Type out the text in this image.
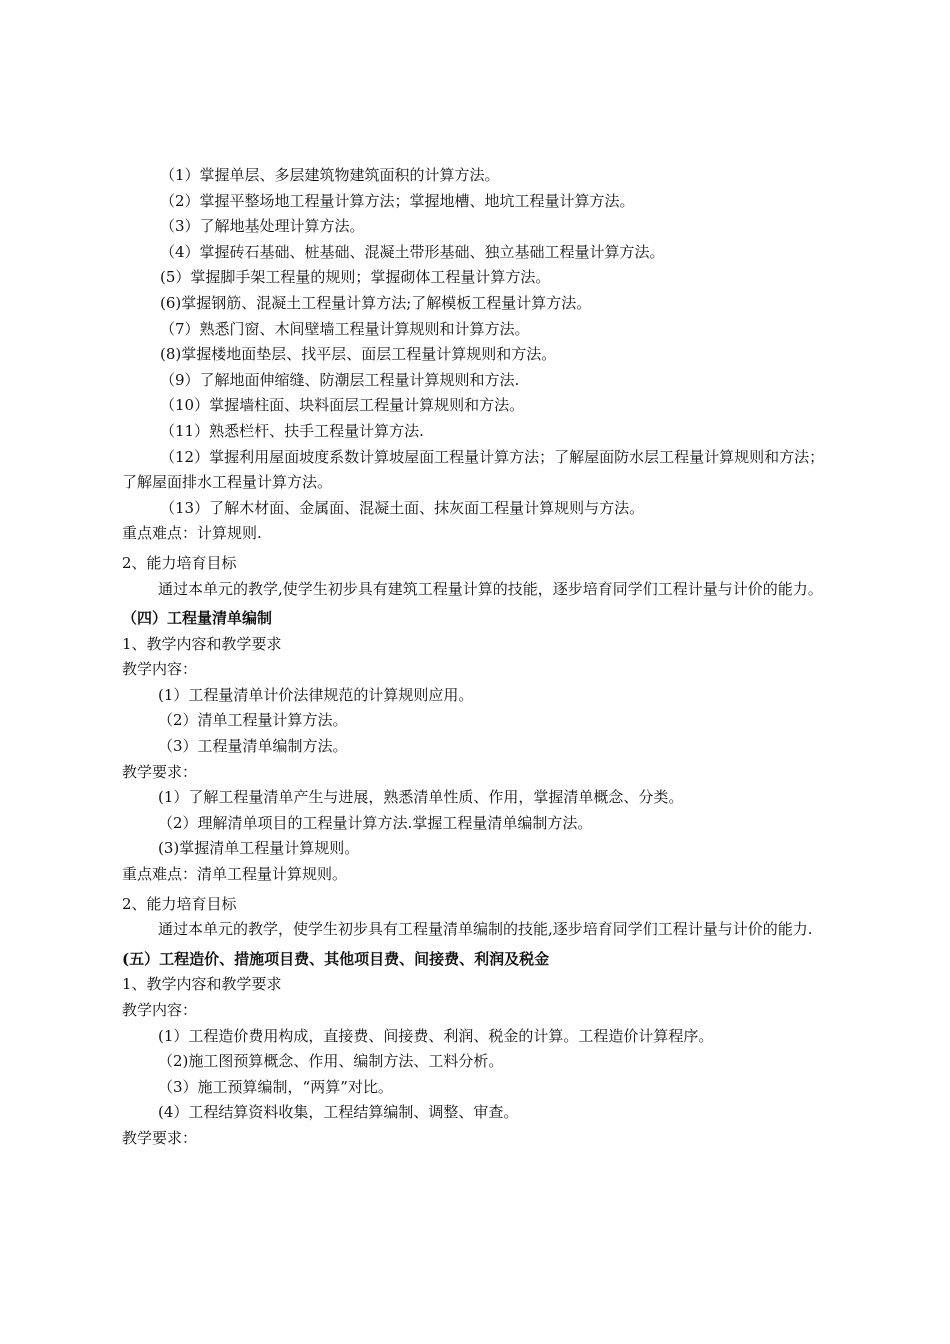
（1）掌握单层、多层建筑物建筑面积的计算方法。
（2）掌握平整场地工程量计算方法；掌握地槽、地坑工程量计算方法。
（3）了解地基处理计算方法。
（4）掌握砖石基础、桩基础、混凝土带形基础、独立基础工程量计算方法。
(5）掌握脚手架工程量的规则；掌握砌体工程量计算方法。
(6)掌握钢筋、混凝土工程量计算方法;了解模板工程量计算方法。
（7）熟悉门窗、木间壁墙工程量计算规则和计算方法。
(8)掌握楼地面垫层、找平层、面层工程量计算规则和方法。
（9）了解地面伸缩缝、防潮层工程量计算规则和方法.
（10）掌握墙柱面、块料面层工程量计算规则和方法。
（11）熟悉栏杆、扶手工程量计算方法.
（12）掌握利用屋面坡度系数计算坡屋面工程量计算方法；了解屋面防水层工程量计算规则和方法；了解屋面排水工程量计算方法。
（13）了解木材面、金属面、混凝土面、抹灰面工程量计算规则与方法。
重点难点：计算规则.
2、能力培育目标
通过本单元的教学,使学生初步具有建筑工程量计算的技能，逐步培育同学们工程计量与计价的能力。
（四）工程量清单编制
1、教学内容和教学要求
教学内容：
(1）工程量清单计价法律规范的计算规则应用。
（2）清单工程量计算方法。
（3）工程量清单编制方法。
教学要求：
(1）了解工程量清单产生与进展，熟悉清单性质、作用，掌握清单概念、分类。
（2）理解清单项目的工程量计算方法.掌握工程量清单编制方法。
(3)掌握清单工程量计算规则。
重点难点：清单工程量计算规则。
2、能力培育目标
通过本单元的教学，使学生初步具有工程量清单编制的技能,逐步培育同学们工程计量与计价的能力.
(五）工程造价、措施项目费、其他项目费、间接费、利润及税金
1、教学内容和教学要求
教学内容：
(1）工程造价费用构成，直接费、间接费、利润、税金的计算。工程造价计算程序。
（2)施工图预算概念、作用、编制方法、工料分析。
（3）施工预算编制，“两算”对比。
(4）工程结算资料收集，工程结算编制、调整、审查。
教学要求：
